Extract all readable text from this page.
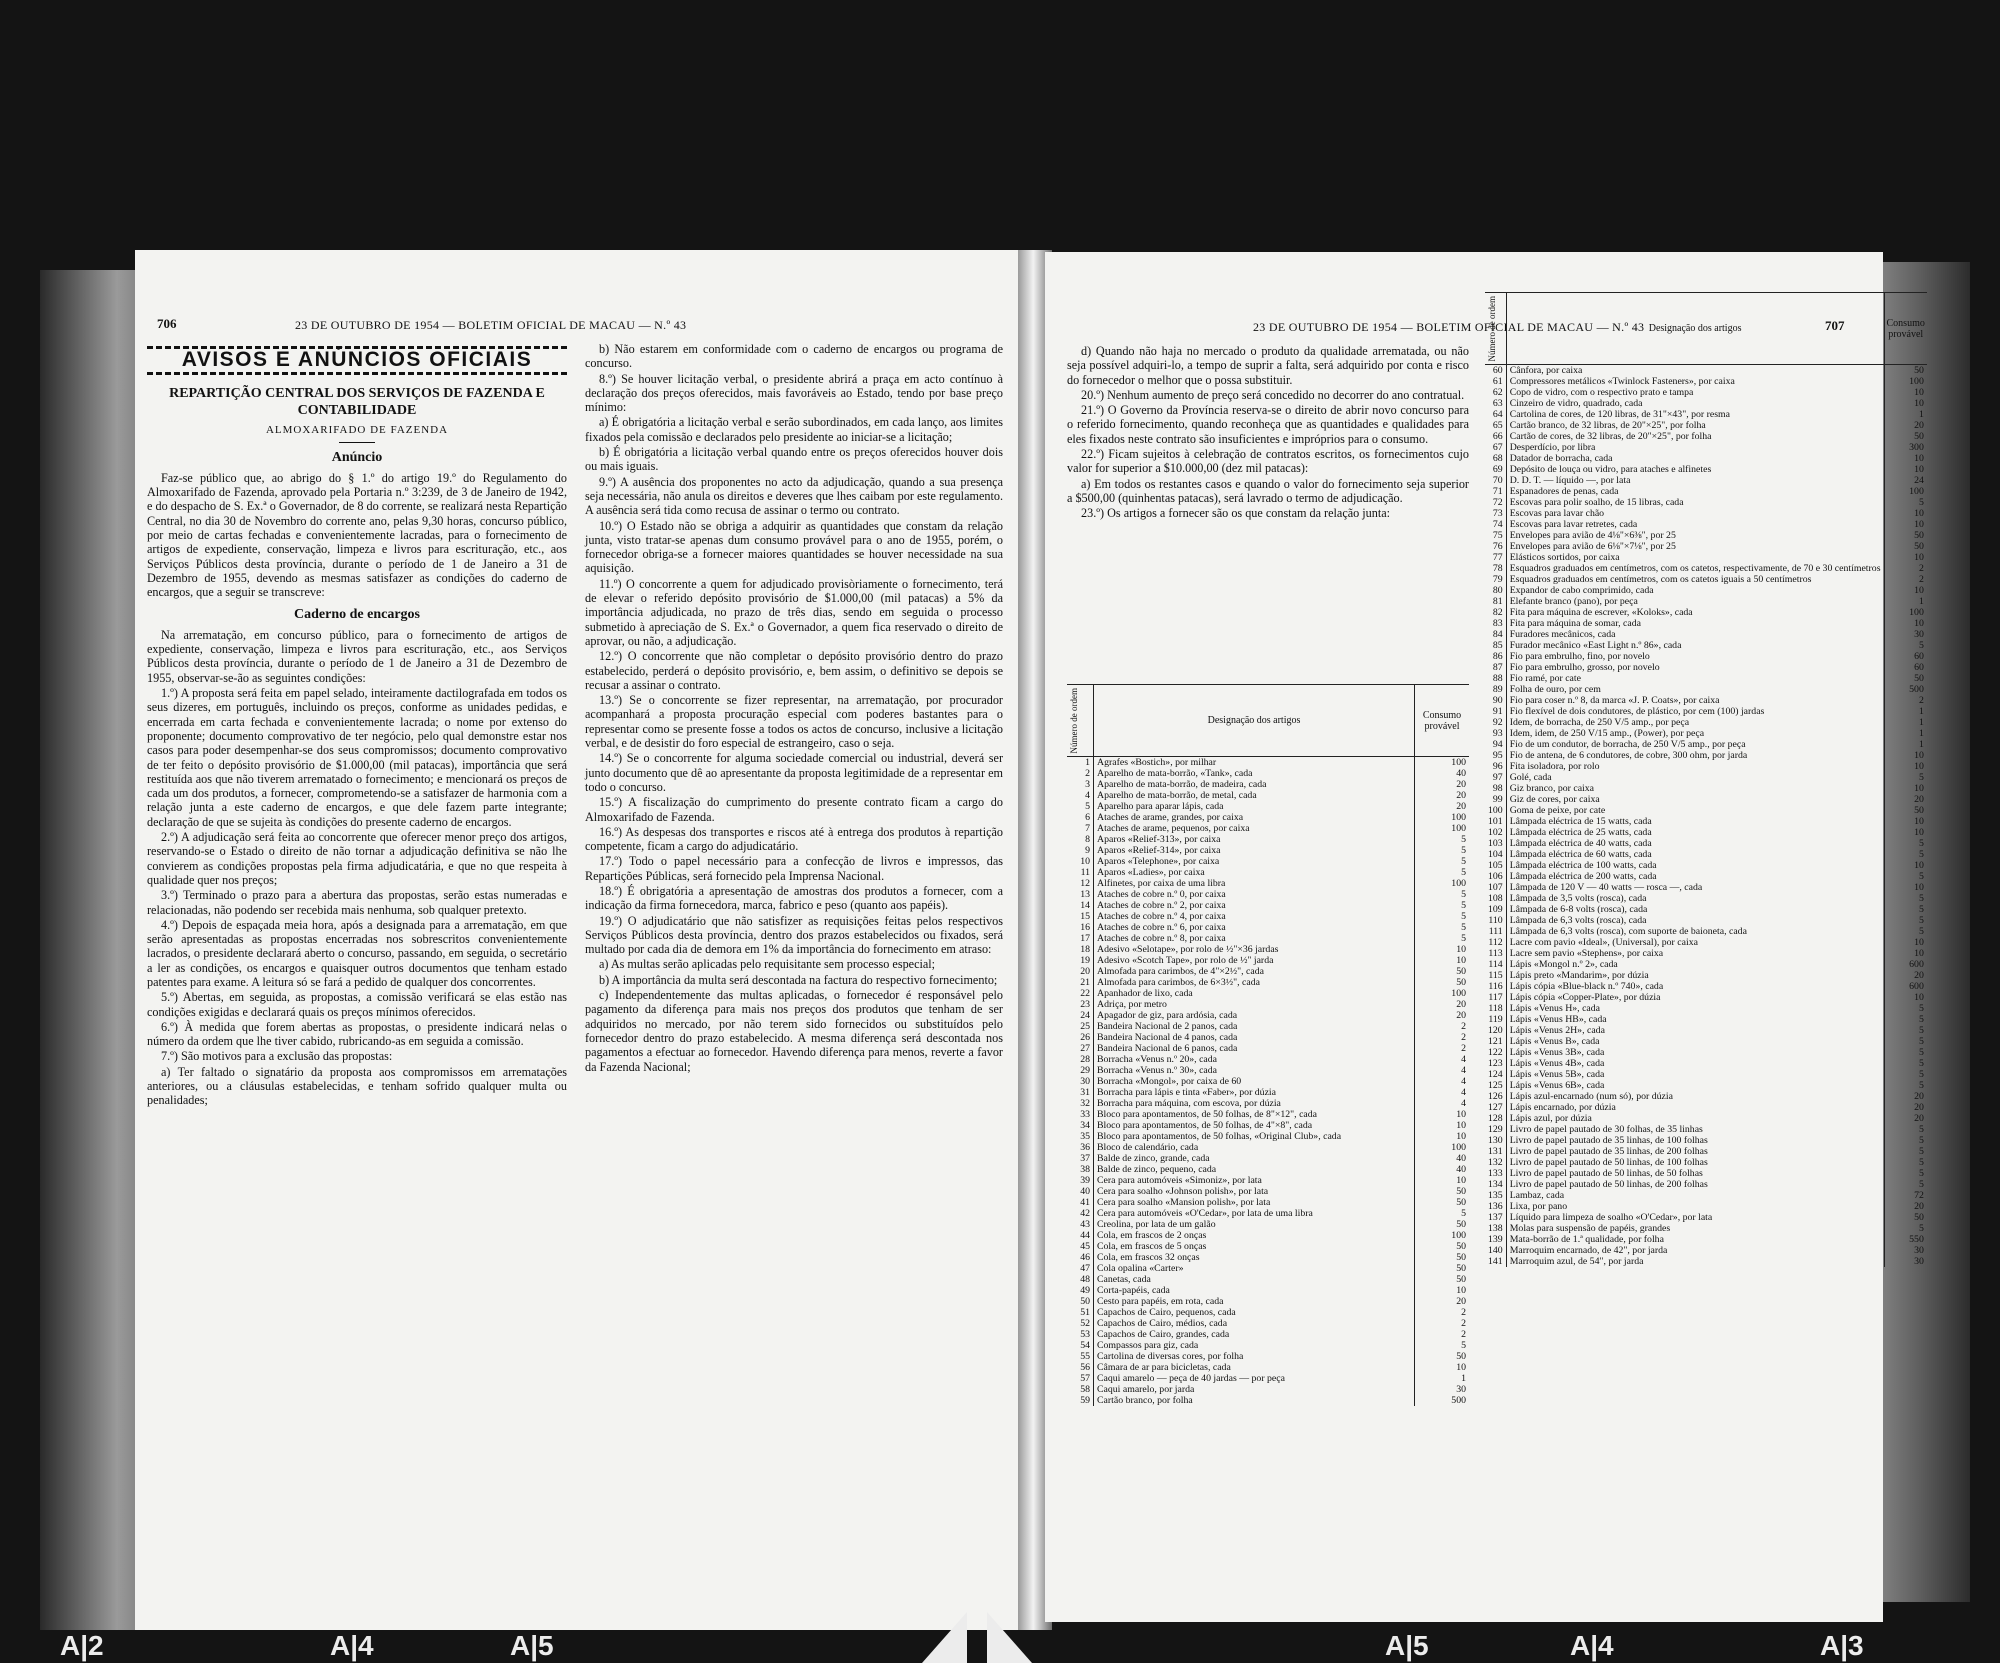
706	23 DE OUTUBRO DE 1954 — BOLETIM OFICIAL DE MACAU — N.º 43
AVISOS E ANÚNCIOS OFICIAIS
REPARTIÇÃO CENTRAL DOS SERVIÇOS DE FAZENDA E CONTABILIDADE
ALMOXARIFADO DE FAZENDA
Anúncio

Faz-se público que, ao abrigo do § 1.º do artigo 19.º do Regulamento do Almoxarifado de Fazenda, aprovado pela Portaria n.º 3:239, de 3 de Janeiro de 1942, e do despacho de S. Ex.ª o Governador, de 8 do corrente, se realizará nesta Repartição Central, no dia 30 de Novembro do corrente ano, pelas 9,30 horas, concurso público, por meio de cartas fechadas e convenientemente lacradas, para o fornecimento de artigos de expediente, conservação, limpeza e livros para escrituração, etc., aos Serviços Públicos desta província, durante o período de 1 de Janeiro a 31 de Dezembro de 1955, devendo as mesmas satisfazer as condições do caderno de encargos, que a seguir se transcreve:

Caderno de encargos

Na arrematação, em concurso público, para o fornecimento de artigos de expediente, conservação, limpeza e livros para escrituração, etc., aos Serviços Públicos desta província, durante o período de 1 de Janeiro a 31 de Dezembro de 1955, observar-se-ão as seguintes condições:

1.º) A proposta será feita em papel selado, inteiramente dactilografada em todos os seus dizeres, em português, incluindo os preços, conforme as unidades pedidas, e encerrada em carta fechada e convenientemente lacrada; o nome por extenso do proponente; documento comprovativo de ter negócio, pelo qual demonstre estar nos casos para poder desempenhar-se dos seus compromissos; documento comprovativo de ter feito o depósito provisório de $1.000,00 (mil patacas), importância que será restituída aos que não tiverem arrematado o fornecimento; e mencionará os preços de cada um dos produtos, a fornecer, comprometendo-se a satisfazer de harmonia com a relação junta a este caderno de encargos, e que dele fazem parte integrante; declaração de que se sujeita às condições do presente caderno de encargos.

2.º) A adjudicação será feita ao concorrente que oferecer menor preço dos artigos, reservando-se o Estado o direito de não tornar a adjudicação definitiva se não lhe convierem as condições propostas pela firma adjudicatária, e que no que respeita à qualidade quer nos preços;

3.º) Terminado o prazo para a abertura das propostas, serão estas numeradas e relacionadas, não podendo ser recebida mais nenhuma, sob qualquer pretexto.

4.º) Depois de espaçada meia hora, após a designada para a arrematação, em que serão apresentadas as propostas encerradas nos sobrescritos convenientemente lacrados, o presidente declarará aberto o concurso, passando, em seguida, o secretário a ler as condições, os encargos e quaisquer outros documentos que tenham estado patentes para exame. A leitura só se fará a pedido de qualquer dos concorrentes.

5.º) Abertas, em seguida, as propostas, a comissão verificará se elas estão nas condições exigidas e declarará quais os preços mínimos oferecidos.

6.º) À medida que forem abertas as propostas, o presidente indicará nelas o número da ordem que lhe tiver cabido, rubricando-as em seguida a comissão.

7.º) São motivos para a exclusão das propostas:

a) Ter faltado o signatário da proposta aos compromissos em arrematações anteriores, ou a cláusulas estabelecidas, e tenham sofrido qualquer multa ou penalidades;

b) Não estarem em conformidade com o caderno de encargos ou programa de concurso.

8.º) Se houver licitação verbal, o presidente abrirá a praça em acto contínuo à declaração dos preços oferecidos, mais favoráveis ao Estado, tendo por base preço mínimo:

a) É obrigatória a licitação verbal e serão subordinados, em cada lanço, aos limites fixados pela comissão e declarados pelo presidente ao iniciar-se a licitação;

b) É obrigatória a licitação verbal quando entre os preços oferecidos houver dois ou mais iguais.

9.º) A ausência dos proponentes no acto da adjudicação, quando a sua presença seja necessária, não anula os direitos e deveres que lhes caibam por este regulamento. A ausência será tida como recusa de assinar o termo ou contrato.

10.º) O Estado não se obriga a adquirir as quantidades que constam da relação junta, visto tratar-se apenas dum consumo provável para o ano de 1955, porém, o fornecedor obriga-se a fornecer maiores quantidades se houver necessidade na sua aquisição.

11.º) O concorrente a quem for adjudicado provisòriamente o fornecimento, terá de elevar o referido depósito provisório de $1.000,00 (mil patacas) a 5% da importância adjudicada, no prazo de três dias, sendo em seguida o processo submetido à apreciação de S. Ex.ª o Governador, a quem fica reservado o direito de aprovar, ou não, a adjudicação.

12.º) O concorrente que não completar o depósito provisório dentro do prazo estabelecido, perderá o depósito provisório, e, bem assim, o definitivo se depois se recusar a assinar o contrato.

13.º) Se o concorrente se fizer representar, na arrematação, por procurador acompanhará a proposta procuração especial com poderes bastantes para o representar como se presente fosse a todos os actos de concurso, inclusive a licitação verbal, e de desistir do foro especial de estrangeiro, caso o seja.

14.º) Se o concorrente for alguma sociedade comercial ou industrial, deverá ser junto documento que dê ao apresentante da proposta legitimidade de a representar em todo o concurso.

15.º) A fiscalização do cumprimento do presente contrato ficam a cargo do Almoxarifado de Fazenda.

16.º) As despesas dos transportes e riscos até à entrega dos produtos à repartição competente, ficam a cargo do adjudicatário.

17.º) Todo o papel necessário para a confecção de livros e impressos, das Repartições Públicas, será fornecido pela Imprensa Nacional.

18.º) É obrigatória a apresentação de amostras dos produtos a fornecer, com a indicação da firma fornecedora, marca, fabrico e peso (quanto aos papéis).

19.º) O adjudicatário que não satisfizer as requisições feitas pelos respectivos Serviços Públicos desta província, dentro dos prazos estabelecidos ou fixados, será multado por cada dia de demora em 1% da importância do fornecimento em atraso:

a) As multas serão aplicadas pelo requisitante sem processo especial;

b) A importância da multa será descontada na factura do respectivo fornecimento;

c) Independentemente das multas aplicadas, o fornecedor é responsável pelo pagamento da diferença para mais nos preços dos produtos que tenham de ser adquiridos no mercado, por não terem sido fornecidos ou substituídos pelo fornecedor dentro do prazo estabelecido. A mesma diferença será descontada nos pagamentos a efectuar ao fornecedor. Havendo diferença para menos, reverte a favor da Fazenda Nacional;

23 DE OUTUBRO DE 1954 — BOLETIM OFICIAL DE MACAU — N.º 43	707

d) Quando não haja no mercado o produto da qualidade arrematada, ou não seja possível adquiri-lo, a tempo de suprir a falta, será adquirido por conta e risco do fornecedor o melhor que o possa substituir.

20.º) Nenhum aumento de preço será concedido no decorrer do ano contratual.

21.º) O Governo da Província reserva-se o direito de abrir novo concurso para o referido fornecimento, quando reconheça que as quantidades e qualidades para eles fixados neste contrato são insuficientes e impróprios para o consumo.

22.º) Ficam sujeitos à celebração de contratos escritos, os fornecimentos cujo valor for superior a $10.000,00 (dez mil patacas):

a) Em todos os restantes casos e quando o valor do fornecimento seja superior a $500,00 (quinhentas patacas), será lavrado o termo de adjudicação.

23.º) Os artigos a fornecer são os que constam da relação junta:

Número de ordem	Designação dos artigos	Consumo provável
1	Agrafes «Bostich», por milhar	100
2	Aparelho de mata-borrão, «Tank», cada	40
3	Aparelho de mata-borrão, de madeira, cada	20
4	Aparelho de mata-borrão, de metal, cada	20
5	Aparelho para aparar lápis, cada	20
6	Ataches de arame, grandes, por caixa	100
7	Ataches de arame, pequenos, por caixa	100
8	Aparos «Relief-313», por caixa	5
9	Aparos «Relief-314», por caixa	5
10	Aparos «Telephone», por caixa	5
11	Aparos «Ladies», por caixa	5
12	Alfinetes, por caixa de uma libra	100
13	Ataches de cobre n.º 0, por caixa	5
14	Ataches de cobre n.º 2, por caixa	5
15	Ataches de cobre n.º 4, por caixa	5
16	Ataches de cobre n.º 6, por caixa	5
17	Ataches de cobre n.º 8, por caixa	5
18	Adesivo «Selotape», por rolo de ½"×36 jardas	10
19	Adesivo «Scotch Tape», por rolo de ½" jarda	10
20	Almofada para carimbos, de 4"×2½", cada	50
21	Almofada para carimbos, de 6×3½", cada	50
22	Apanhador de lixo, cada	100
23	Adriça, por metro	20
24	Apagador de giz, para ardósia, cada	20
25	Bandeira Nacional de 2 panos, cada	2
26	Bandeira Nacional de 4 panos, cada	2
27	Bandeira Nacional de 6 panos, cada	2
28	Borracha «Venus n.º 20», cada	4
29	Borracha «Venus n.º 30», cada	4
30	Borracha «Mongol», por caixa de 60	4
31	Borracha para lápis e tinta «Faber», por dúzia	4
32	Borracha para máquina, com escova, por dúzia	4
33	Bloco para apontamentos, de 50 folhas, de 8"×12", cada	10
34	Bloco para apontamentos, de 50 folhas, de 4"×8", cada	10
35	Bloco para apontamentos, de 50 folhas, «Original Club», cada	10
36	Bloco de calendário, cada	100
37	Balde de zinco, grande, cada	40
38	Balde de zinco, pequeno, cada	40
39	Cera para automóveis «Simoniz», por lata	10
40	Cera para soalho «Johnson polish», por lata	50
41	Cera para soalho «Mansion polish», por lata	50
42	Cera para automóveis «O'Cedar», por lata de uma libra	5
43	Creolina, por lata de um galão	50
44	Cola, em frascos de 2 onças	100
45	Cola, em frascos de 5 onças	50
46	Cola, em frascos 32 onças	50
47	Cola opalina «Carter»	50
48	Canetas, cada	50
49	Corta-papéis, cada	10
50	Cesto para papéis, em rota, cada	20
51	Capachos de Cairo, pequenos, cada	2
52	Capachos de Cairo, médios, cada	2
53	Capachos de Cairo, grandes, cada	2
54	Compassos para giz, cada	5
55	Cartolina de diversas cores, por folha	50
56	Câmara de ar para bicicletas, cada	10
57	Caqui amarelo — peça de 40 jardas — por peça	1
58	Caqui amarelo, por jarda	30
59	Cartão branco, por folha	500
Número de ordem	Designação dos artigos	Consumo provável
60	Cânfora, por caixa	50
61	Compressores metálicos «Twinlock Fasteners», por caixa	100
62	Copo de vidro, com o respectivo prato e tampa	10
63	Cinzeiro de vidro, quadrado, cada	10
64	Cartolina de cores, de 120 libras, de 31"×43", por resma	1
65	Cartão branco, de 32 libras, de 20"×25", por folha	20
66	Cartão de cores, de 32 libras, de 20"×25", por folha	50
67	Desperdício, por libra	300
68	Datador de borracha, cada	10
69	Depósito de louça ou vidro, para ataches e alfinetes	10
70	D. D. T. — líquido —, por lata	24
71	Espanadores de penas, cada	100
72	Escovas para polir soalho, de 15 libras, cada	5
73	Escovas para lavar chão	10
74	Escovas para lavar retretes, cada	10
75	Envelopes para avião de 4⅛"×6⅜", por 25	50
76	Envelopes para avião de 6⅛"×7⅛", por 25	50
77	Elásticos sortidos, por caixa	10
78	Esquadros graduados em centímetros, com os catetos, respectivamente, de 70 e 30 centímetros	2
79	Esquadros graduados em centímetros, com os catetos iguais a 50 centímetros	2
80	Expandor de cabo comprimido, cada	10
81	Elefante branco (pano), por peça	1
82	Fita para máquina de escrever, «Koloks», cada	100
83	Fita para máquina de somar, cada	10
84	Furadores mecânicos, cada	30
85	Furador mecânico «East Light n.º 86», cada	5
86	Fio para embrulho, fino, por novelo	60
87	Fio para embrulho, grosso, por novelo	60
88	Fio ramé, por cate	50
89	Folha de ouro, por cem	500
90	Fio para coser n.º 8, da marca «J. P. Coats», por caixa	2
91	Fio flexível de dois condutores, de plástico, por cem (100) jardas	1
92	Idem, de borracha, de 250 V/5 amp., por peça	1
93	Idem, idem, de 250 V/15 amp., (Power), por peça	1
94	Fio de um condutor, de borracha, de 250 V/5 amp., por peça	1
95	Fio de antena, de 6 condutores, de cobre, 300 ohm, por jarda	10
96	Fita isoladora, por rolo	10
97	Golé, cada	5
98	Giz branco, por caixa	10
99	Giz de cores, por caixa	20
100	Goma de peixe, por cate	50
101	Lâmpada eléctrica de 15 watts, cada	10
102	Lâmpada eléctrica de 25 watts, cada	10
103	Lâmpada eléctrica de 40 watts, cada	5
104	Lâmpada eléctrica de 60 watts, cada	5
105	Lâmpada eléctrica de 100 watts, cada	10
106	Lâmpada eléctrica de 200 watts, cada	5
107	Lâmpada de 120 V — 40 watts — rosca —, cada	10
108	Lâmpada de 3,5 volts (rosca), cada	5
109	Lâmpada de 6-8 volts (rosca), cada	5
110	Lâmpada de 6,3 volts (rosca), cada	5
111	Lâmpada de 6,3 volts (rosca), com suporte de baioneta, cada	5
112	Lacre com pavio «Ideal», (Universal), por caixa	10
113	Lacre sem pavio «Stephens», por caixa	10
114	Lápis «Mongol n.º 2», cada	600
115	Lápis preto «Mandarim», por dúzia	20
116	Lápis cópia «Blue-black n.º 740», cada	600
117	Lápis cópia «Copper-Plate», por dúzia	10
118	Lápis «Venus H», cada	5
119	Lápis «Venus HB», cada	5
120	Lápis «Venus 2H», cada	5
121	Lápis «Venus B», cada	5
122	Lápis «Venus 3B», cada	5
123	Lápis «Venus 4B», cada	5
124	Lápis «Venus 5B», cada	5
125	Lápis «Venus 6B», cada	5
126	Lápis azul-encarnado (num só), por dúzia	20
127	Lápis encarnado, por dúzia	20
128	Lápis azul, por dúzia	20
129	Livro de papel pautado de 30 folhas, de 35 linhas	5
130	Livro de papel pautado de 35 linhas, de 100 folhas	5
131	Livro de papel pautado de 35 linhas, de 200 folhas	5
132	Livro de papel pautado de 50 linhas, de 100 folhas	5
133	Livro de papel pautado de 50 linhas, de 50 folhas	5
134	Livro de papel pautado de 50 linhas, de 200 folhas	5
135	Lambaz, cada	72
136	Lixa, por pano	20
137	Líquido para limpeza de soalho «O'Cedar», por lata	50
138	Molas para suspensão de papéis, grandes	5
139	Mata-borrão de 1.ª qualidade, por folha	550
140	Marroquim encarnado, de 42", por jarda	30
141	Marroquim azul, de 54", por jarda	30
A|2	A|4	A|5	A|5	A|4	A|3
